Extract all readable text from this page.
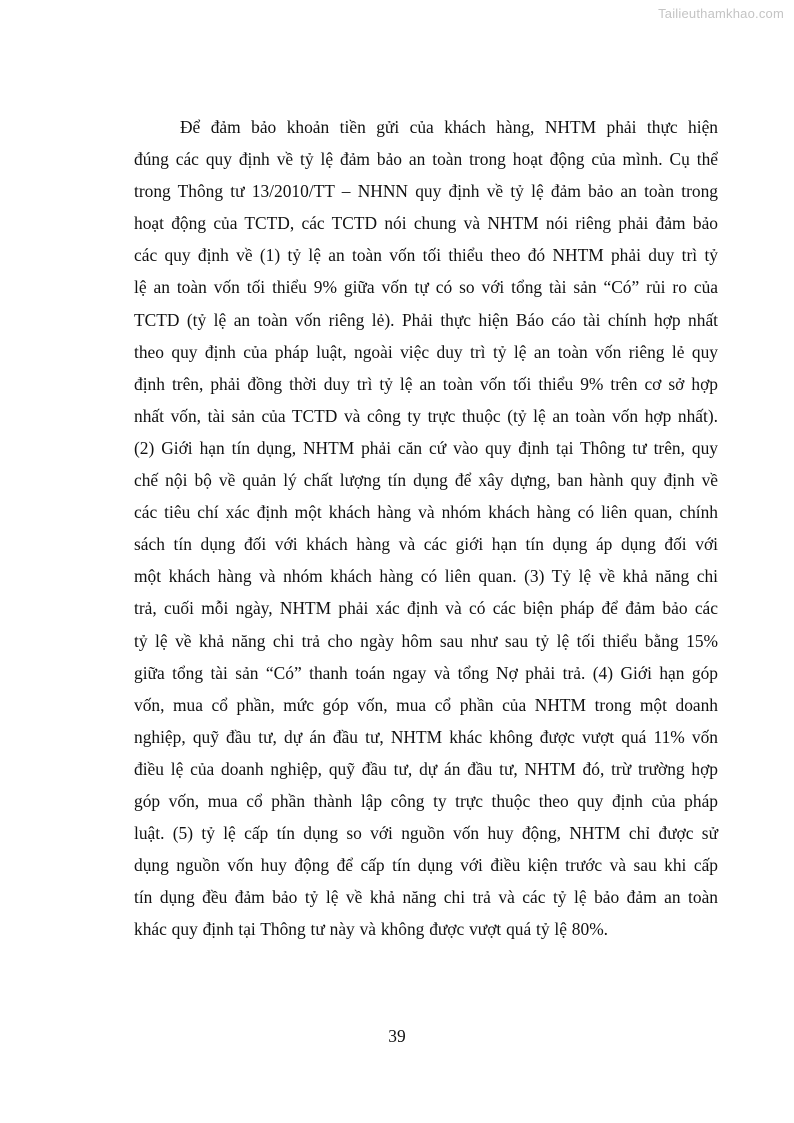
Tailieuthamkhao.com
Để đảm bảo khoản tiền gửi của khách hàng, NHTM phải thực hiện
đúng các quy định về tỷ lệ đảm bảo an toàn trong hoạt động của mình. Cụ thể
trong Thông tư 13/2010/TT – NHNN quy định về tỷ lệ đảm bảo an toàn trong
hoạt động của TCTD, các TCTD nói chung và NHTM nói riêng phải đảm bảo
các quy định về (1) tỷ lệ an toàn vốn tối thiểu theo đó NHTM phải duy trì tỷ
lệ an toàn vốn tối thiểu 9% giữa vốn tự có so với tổng tài sản “Có” rủi ro của
TCTD (tỷ lệ an toàn vốn riêng lẻ). Phải thực hiện Báo cáo tài chính hợp nhất
theo quy định của pháp luật, ngoài việc duy trì tỷ lệ an toàn vốn riêng lẻ quy
định trên, phải đồng thời duy trì tỷ lệ an toàn vốn tối thiểu 9% trên cơ sở hợp
nhất vốn, tài sản của TCTD và công ty trực thuộc (tỷ lệ an toàn vốn hợp nhất).
(2) Giới hạn tín dụng, NHTM phải căn cứ vào quy định tại Thông tư trên, quy
chế nội bộ về quản lý chất lượng tín dụng để xây dựng, ban hành quy định về
các tiêu chí xác định một khách hàng và nhóm khách hàng có liên quan, chính
sách tín dụng đối với khách hàng và các giới hạn tín dụng áp dụng đối với
một khách hàng và nhóm khách hàng có liên quan. (3) Tỷ lệ về khả năng chi
trả, cuối mỗi ngày, NHTM phải xác định và có các biện pháp để đảm bảo các
tỷ lệ về khả năng chi trả cho ngày hôm sau như sau tỷ lệ tối thiểu bằng 15%
giữa tổng tài sản “Có” thanh toán ngay và tổng Nợ phải trả. (4) Giới hạn góp
vốn, mua cổ phần, mức góp vốn, mua cổ phần của NHTM trong một doanh
nghiệp, quỹ đầu tư, dự án đầu tư, NHTM khác không được vượt quá 11% vốn
điều lệ của doanh nghiệp, quỹ đầu tư, dự án đầu tư, NHTM đó, trừ trường hợp
góp vốn, mua cổ phần thành lập công ty trực thuộc theo quy định của pháp
luật. (5) tỷ lệ cấp tín dụng so với nguồn vốn huy động, NHTM chỉ được sử
dụng nguồn vốn huy động để cấp tín dụng với điều kiện trước và sau khi cấp
tín dụng đều đảm bảo tỷ lệ về khả năng chi trả và các tỷ lệ bảo đảm an toàn
khác quy định tại Thông tư này và không được vượt quá tỷ lệ 80%.
39
